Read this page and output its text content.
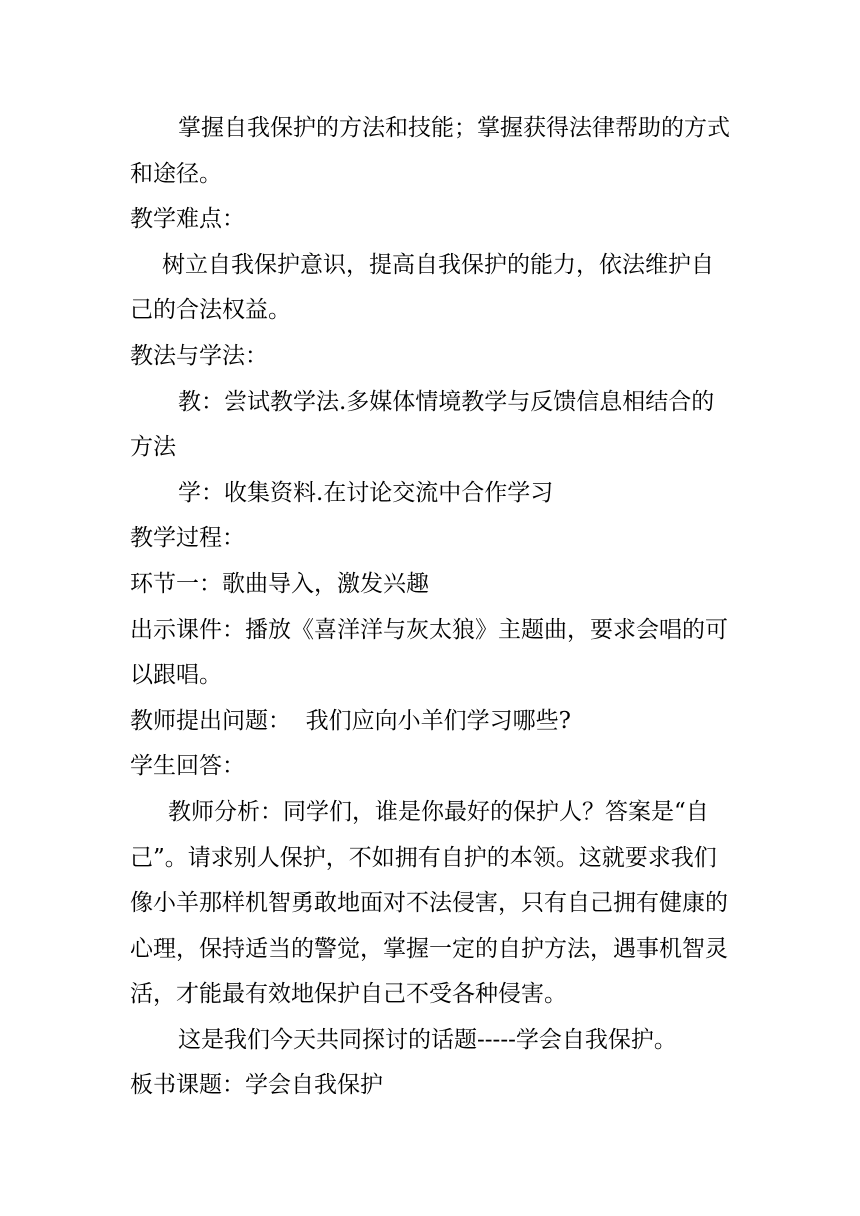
掌握自我保护的方法和技能；掌握获得法律帮助的方式和途径。

教学难点：

树立自我保护意识，提高自我保护的能力，依法维护自己的合法权益。

教法与学法：

教：尝试教学法.多媒体情境教学与反馈信息相结合的方法

学：收集资料.在讨论交流中合作学习

教学过程：

环节一：歌曲导入，激发兴趣

出示课件：播放《喜洋洋与灰太狼》主题曲，要求会唱的可以跟唱。

教师提出问题：  我们应向小羊们学习哪些?

学生回答：

教师分析：同学们，谁是你最好的保护人？答案是“自己”。请求别人保护，不如拥有自护的本领。这就要求我们像小羊那样机智勇敢地面对不法侵害，只有自己拥有健康的心理，保持适当的警觉，掌握一定的自护方法，遇事机智灵活，才能最有效地保护自己不受各种侵害。

这是我们今天共同探讨的话题-----学会自我保护。

板书课题：学会自我保护
